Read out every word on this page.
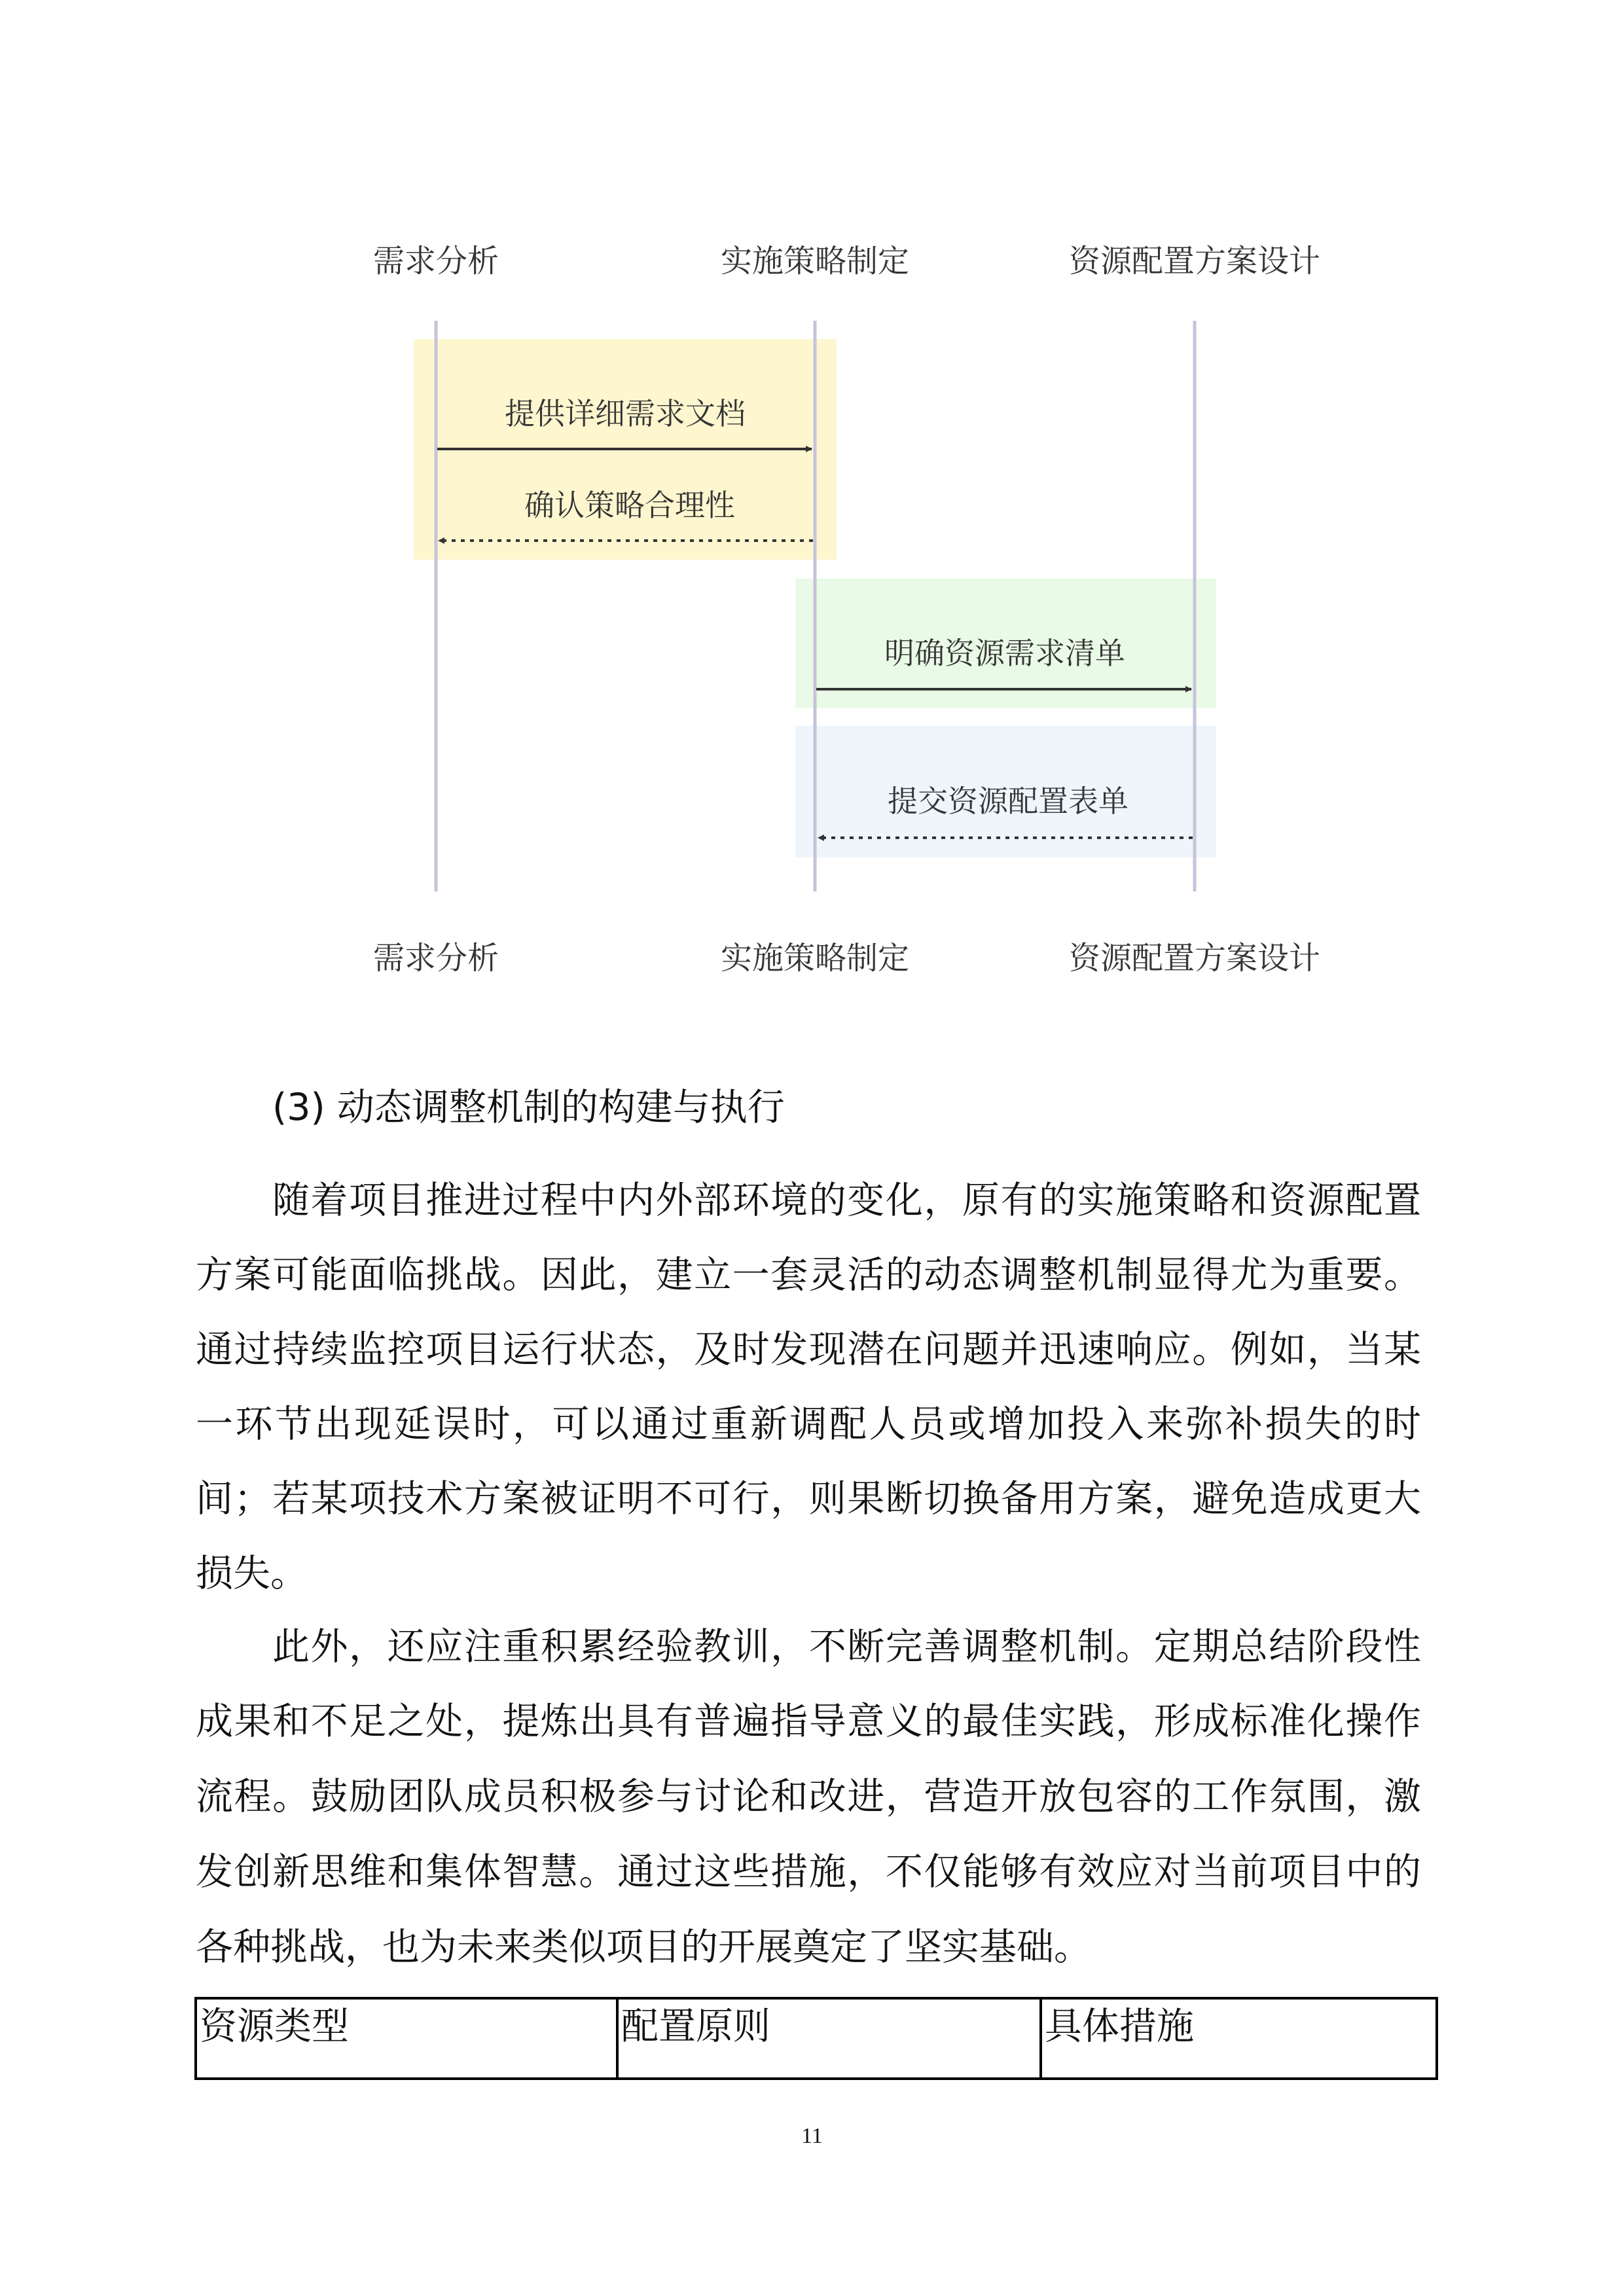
需求分析	实施策略制定	资源配置方案设计
提供详细需求文档
确认策略合理性
明确资源需求清单
提交资源配置表单
需求分析	实施策略制定	资源配置方案设计
(3) 动态调整机制的构建与执行
随着项目推进过程中内外部环境的变化，原有的实施策略和资源配置
方案可能面临挑战。因此，建立一套灵活的动态调整机制显得尤为重要。
通过持续监控项目运行状态，及时发现潜在问题并迅速响应。例如，当某
一环节出现延误时，可以通过重新调配人员或增加投入来弥补损失的时
间；若某项技术方案被证明不可行，则果断切换备用方案，避免造成更大
损失。
此外，还应注重积累经验教训，不断完善调整机制。定期总结阶段性
成果和不足之处，提炼出具有普遍指导意义的最佳实践，形成标准化操作
流程。鼓励团队成员积极参与讨论和改进，营造开放包容的工作氛围，激
发创新思维和集体智慧。通过这些措施，不仅能够有效应对当前项目中的
各种挑战，也为未来类似项目的开展奠定了坚实基础。
资源类型	配置原则	具体措施
11
